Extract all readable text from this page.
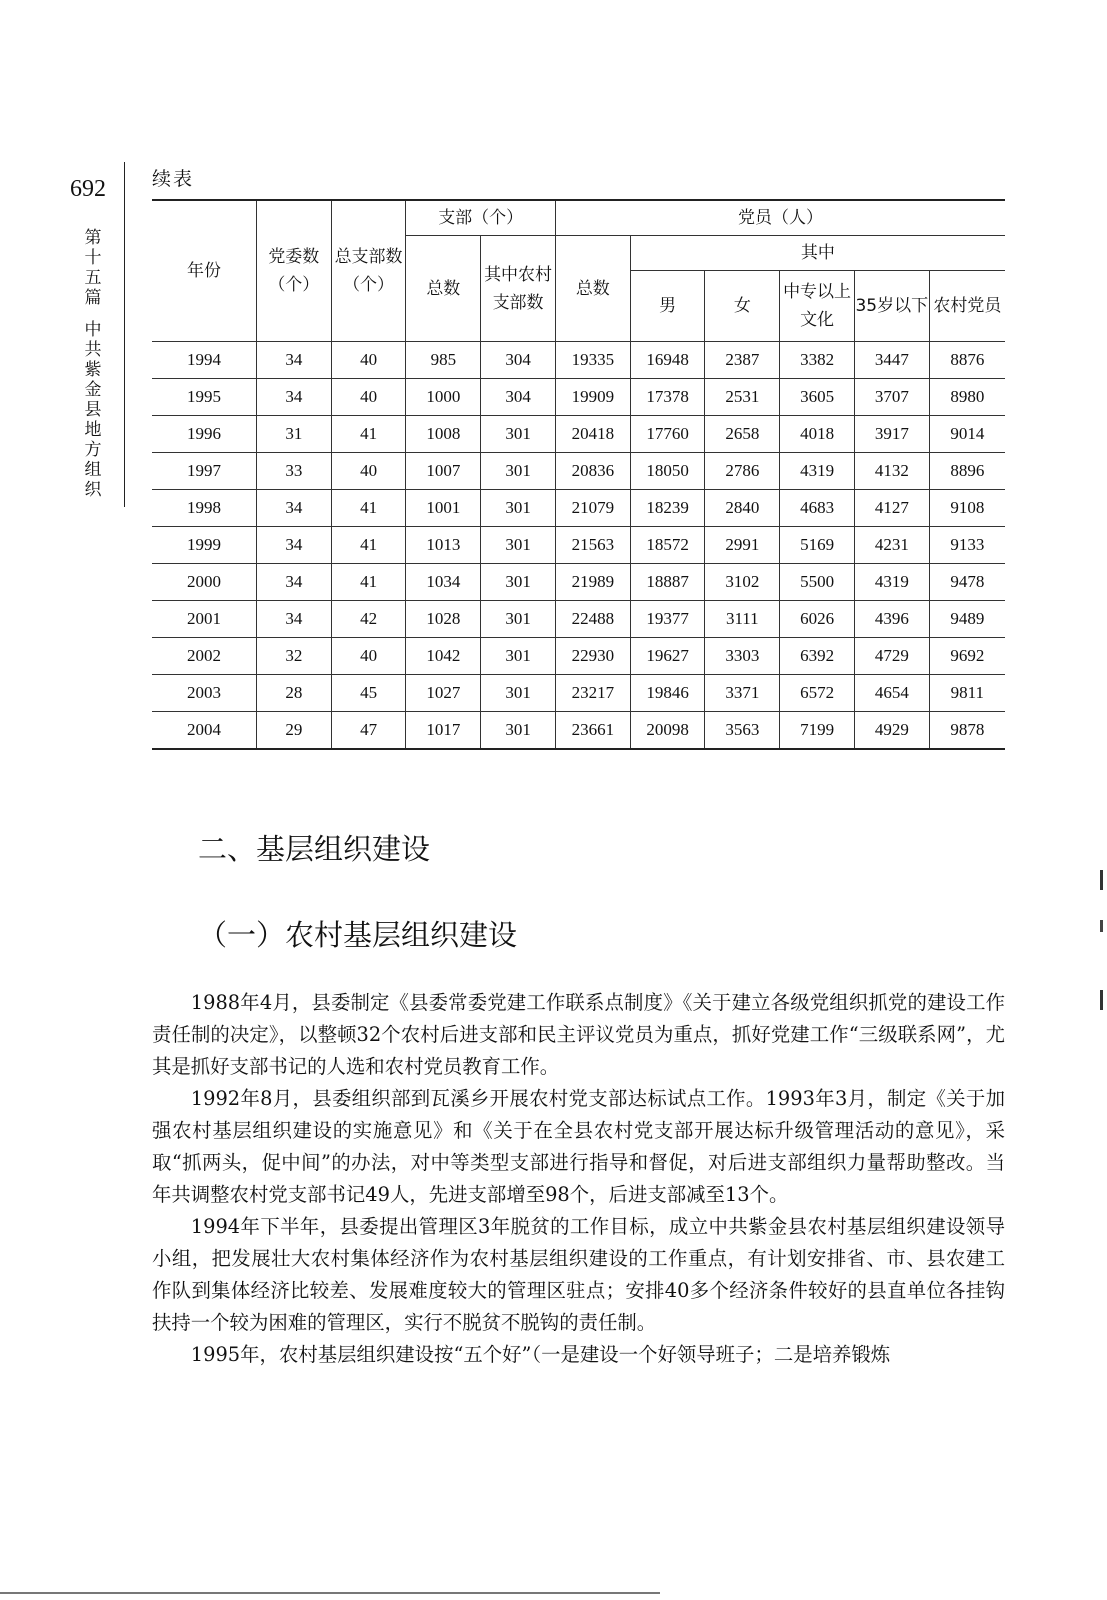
692
第
十
五
篇
中
共
紫
金
县
地
方
组
织
续表
年份	党委数（个）	总支部数（个）	支部（个）		党员（人）					
			总数	其中农村支部数	总数	其中				
						男	女	中专以上文化	35岁以下	农村党员
1994	34	40	985	304	19335	16948	2387	3382	3447	8876
1995	34	40	1000	304	19909	17378	2531	3605	3707	8980
1996	31	41	1008	301	20418	17760	2658	4018	3917	9014
1997	33	40	1007	301	20836	18050	2786	4319	4132	8896
1998	34	41	1001	301	21079	18239	2840	4683	4127	9108
1999	34	41	1013	301	21563	18572	2991	5169	4231	9133
2000	34	41	1034	301	21989	18887	3102	5500	4319	9478
2001	34	42	1028	301	22488	19377	3111	6026	4396	9489
2002	32	40	1042	301	22930	19627	3303	6392	4729	9692
2003	28	45	1027	301	23217	19846	3371	6572	4654	9811
2004	29	47	1017	301	23661	20098	3563	7199	4929	9878
二、基层组织建设
（一）农村基层组织建设

1988年4月，县委制定《县委常委党建工作联系点制度》《关于建立各级党组织抓党的建设工作责任制的决定》，以整顿32个农村后进支部和民主评议党员为重点，抓好党建工作“三级联系网”，尤其是抓好支部书记的人选和农村党员教育工作。

1992年8月，县委组织部到瓦溪乡开展农村党支部达标试点工作。1993年3月，制定《关于加强农村基层组织建设的实施意见》和《关于在全县农村党支部开展达标升级管理活动的意见》，采取“抓两头，促中间”的办法，对中等类型支部进行指导和督促，对后进支部组织力量帮助整改。当年共调整农村党支部书记49人，先进支部增至98个，后进支部减至13个。

1994年下半年，县委提出管理区3年脱贫的工作目标，成立中共紫金县农村基层组织建设领导小组，把发展壮大农村集体经济作为农村基层组织建设的工作重点，有计划安排省、市、县农建工作队到集体经济比较差、发展难度较大的管理区驻点；安排40多个经济条件较好的县直单位各挂钩扶持一个较为困难的管理区，实行不脱贫不脱钩的责任制。

1995年，农村基层组织建设按“五个好”（一是建设一个好领导班子；二是培养锻炼
